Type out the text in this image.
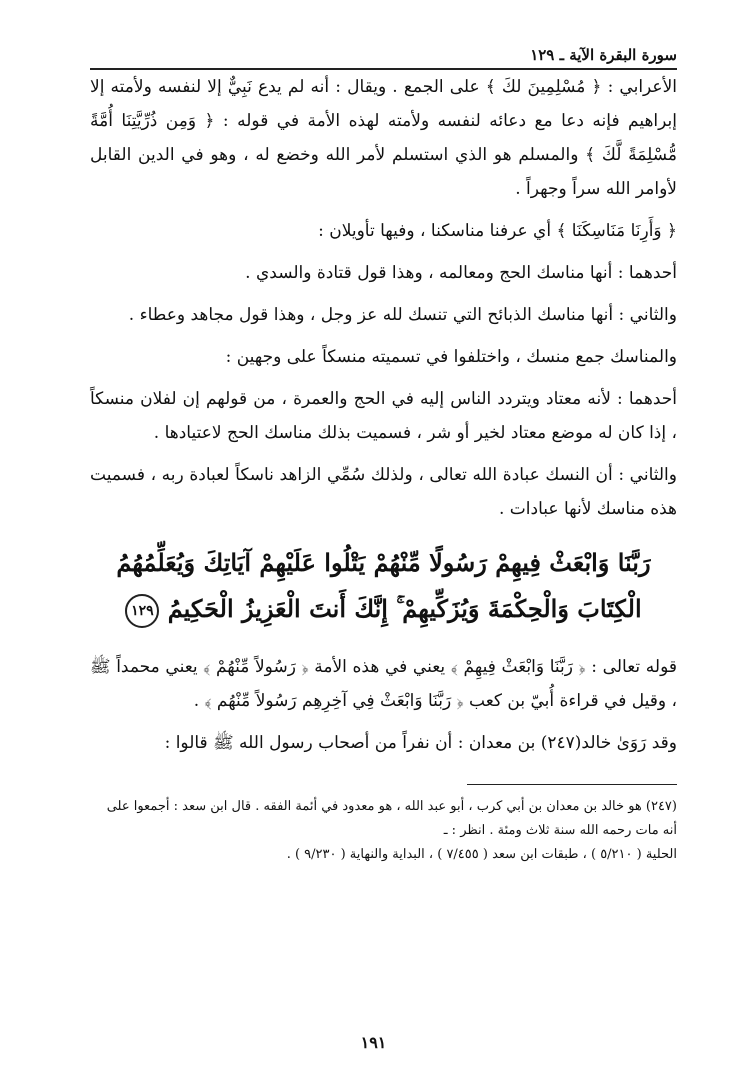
سورة البقرة الآية ـ ١٢٩

الأعرابي : ﴿ مُسْلِمِينَ لكَ ﴾ على الجمع . ويقال : أنه لم يدع نَبِيٌّ إلا لنفسه ولأمته إلا إبراهيم فإنه دعا مع دعائه لنفسه ولأمته لهذه الأمة في قوله : ﴿ وَمِن ذُرِّيَّتِنَا أُمَّةً مُّسْلِمَةً لَّكَ ﴾ والمسلم هو الذي استسلم لأمر الله وخضع له ، وهو في الدين القابل لأوامر الله سراً وجهراً .

﴿ وَأَرِنَا مَنَاسِكَنَا ﴾ أي عرفنا مناسكنا ، وفيها تأويلان :

أحدهما : أنها مناسك الحج ومعالمه ، وهذا قول قتادة والسدي .

والثاني : أنها مناسك الذبائح التي تنسك لله عز وجل ، وهذا قول مجاهد وعطاء .

والمناسك جمع منسك ، واختلفوا في تسميته منسكاً على وجهين :

أحدهما : لأنه معتاد ويتردد الناس إليه في الحج والعمرة ، من قولهم إن لفلان منسكاً ، إذا كان له موضع معتاد لخير أو شر ، فسميت بذلك مناسك الحج لاعتيادها .

والثاني : أن النسك عبادة الله تعالى ، ولذلك سُمِّي الزاهد ناسكاً لعبادة ربه ، فسميت هذه مناسك لأنها عبادات .

رَبَّنَا وَابْعَثْ فِيهِمْ رَسُولًا مِّنْهُمْ يَتْلُوا عَلَيْهِمْ آيَاتِكَ وَيُعَلِّمُهُمُ الْكِتَابَ وَالْحِكْمَةَ وَيُزَكِّيهِمْ ۚ إِنَّكَ أَنتَ الْعَزِيزُ الْحَكِيمُ ١٢٩

قوله تعالى : ﴿ رَبَّنَا وَابْعَثْ فِيهِمْ ﴾ يعني في هذه الأمة ﴿ رَسُولاً مِّنْهُمْ ﴾ يعني محمداً ﷺ ، وقيل في قراءة أُبيّ بن كعب ﴿ رَبَّنَا وَابْعَثْ فِي آخِرِهِم رَسُولاً مِّنْهُم ﴾ .

وقد رَوَىٰ خالد(٢٤٧) بن معدان : أن نفراً من أصحاب رسول الله ﷺ قالوا :

(٢٤٧) هو خالد بن معدان بن أبي كرب ، أبو عبد الله ، هو معدود في أئمة الفقه . قال ابن سعد : أجمعوا على أنه مات رحمه الله سنة ثلاث ومئة . انظر : ـ

الحلية ( ٥/٢١٠ ) ، طبقات ابن سعد ( ٧/٤٥٥ ) ، البداية والنهاية ( ٩/٢٣٠ ) .

١٩١
